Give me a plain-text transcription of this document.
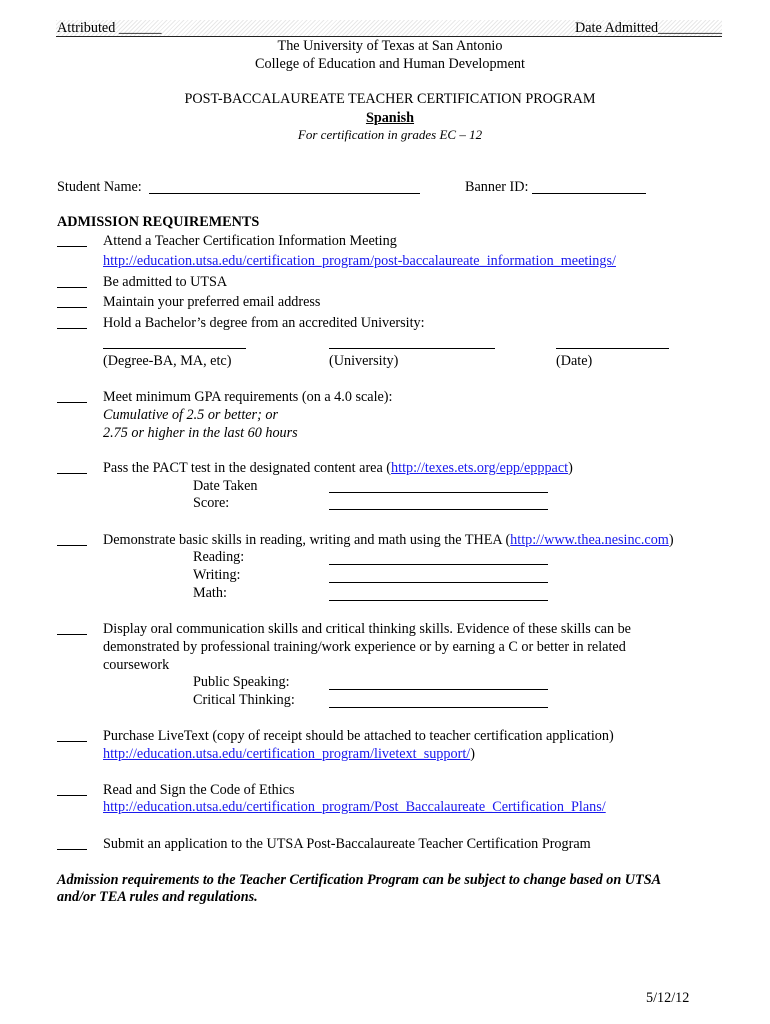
Attributed ______	Date Admitted_________
The University of Texas at San Antonio
College of Education and Human Development
POST-BACCALAUREATE TEACHER CERTIFICATION PROGRAM
Spanish
For certification in grades EC – 12
Student Name:	Banner ID:
ADMISSION REQUIREMENTS
Attend a Teacher Certification Information Meeting
http://education.utsa.edu/certification_program/post-baccalaureate_information_meetings/
Be admitted to UTSA
Maintain your preferred email address
Hold a Bachelor’s degree from an accredited University:
(Degree-BA, MA, etc)	(University)	(Date)
Meet minimum GPA requirements (on a 4.0 scale):
Cumulative of 2.5 or better; or
2.75 or higher in the last 60 hours
Pass the PACT test in the designated content area (http://texes.ets.org/epp/epppact)
Date Taken
Score:
Demonstrate basic skills in reading, writing and math using the THEA (http://www.thea.nesinc.com)
Reading:
Writing:
Math:
Display oral communication skills and critical thinking skills. Evidence of these skills can be
demonstrated by professional training/work experience or by earning a C or better in related
coursework
Public Speaking:
Critical Thinking:
Purchase LiveText (copy of receipt should be attached to teacher certification application)
http://education.utsa.edu/certification_program/livetext_support/)
Read and Sign the Code of Ethics
http://education.utsa.edu/certification_program/Post_Baccalaureate_Certification_Plans/
Submit an application to the UTSA Post-Baccalaureate Teacher Certification Program
Admission requirements to the Teacher Certification Program can be subject to change based on UTSA
and/or TEA rules and regulations.
5/12/12
